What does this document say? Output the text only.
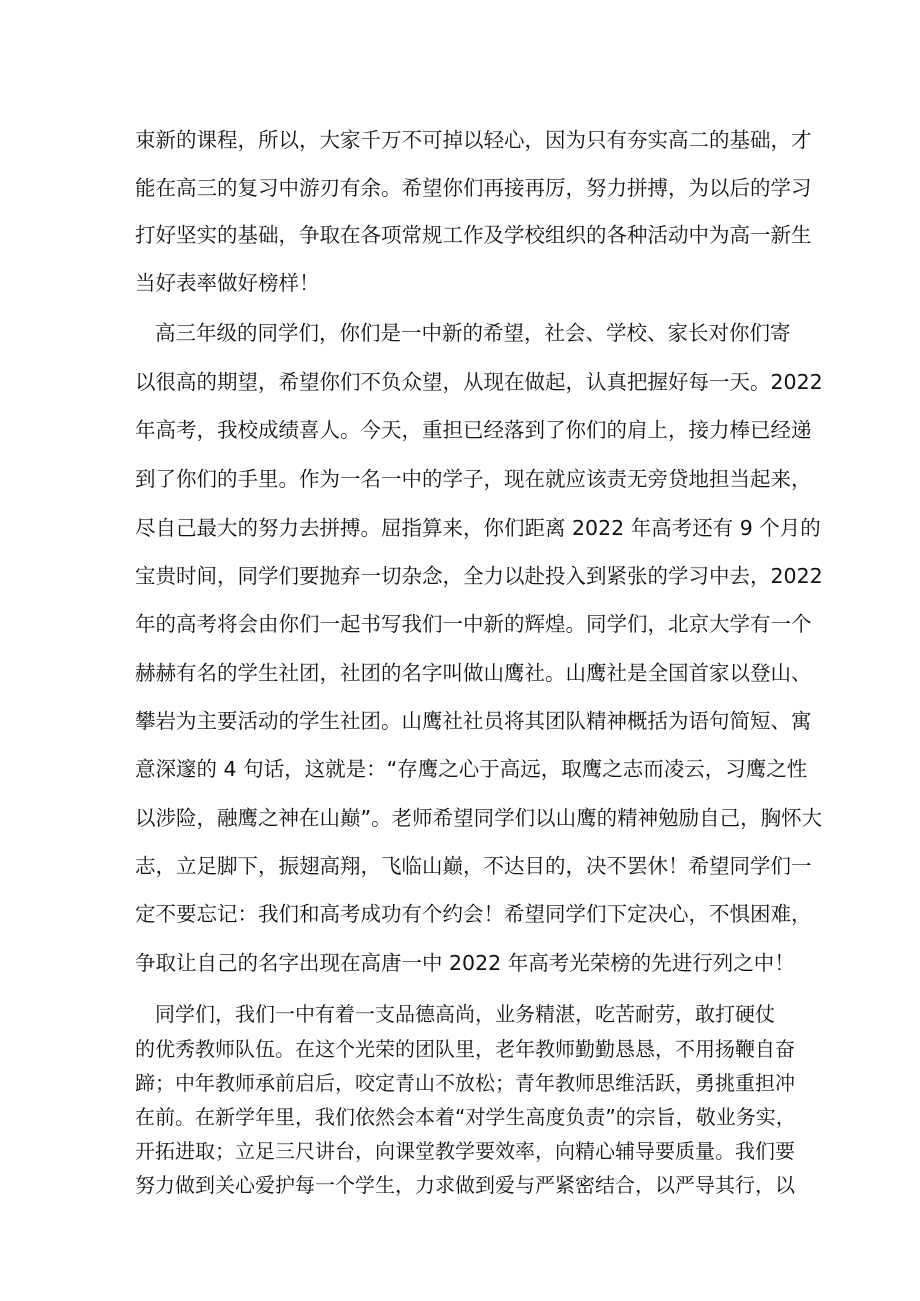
束新的课程，所以，大家千万不可掉以轻心，因为只有夯实高二的基础，才
能在高三的复习中游刃有余。希望你们再接再厉，努力拼搏，为以后的学习
打好坚实的基础，争取在各项常规工作及学校组织的各种活动中为高一新生
当好表率做好榜样！
高三年级的同学们，你们是一中新的希望，社会、学校、家长对你们寄
以很高的期望，希望你们不负众望，从现在做起，认真把握好每一天。2022
年高考，我校成绩喜人。今天，重担已经落到了你们的肩上，接力棒已经递
到了你们的手里。作为一名一中的学子，现在就应该责无旁贷地担当起来，
尽自己最大的努力去拼搏。屈指算来，你们距离 2022 年高考还有 9 个月的
宝贵时间，同学们要抛弃一切杂念，全力以赴投入到紧张的学习中去，2022
年的高考将会由你们一起书写我们一中新的辉煌。同学们，北京大学有一个
赫赫有名的学生社团，社团的名字叫做山鹰社。山鹰社是全国首家以登山、
攀岩为主要活动的学生社团。山鹰社社员将其团队精神概括为语句简短、寓
意深邃的 4 句话，这就是：“存鹰之心于高远，取鹰之志而凌云，习鹰之性
以涉险，融鹰之神在山巅”。老师希望同学们以山鹰的精神勉励自己，胸怀大
志，立足脚下，振翅高翔，飞临山巅，不达目的，决不罢休！希望同学们一
定不要忘记：我们和高考成功有个约会！希望同学们下定决心，不惧困难，
争取让自己的名字出现在高唐一中 2022 年高考光荣榜的先进行列之中！
同学们，我们一中有着一支品德高尚，业务精湛，吃苦耐劳，敢打硬仗
的优秀教师队伍。在这个光荣的团队里，老年教师勤勤恳恳，不用扬鞭自奋
蹄；中年教师承前启后，咬定青山不放松；青年教师思维活跃，勇挑重担冲
在前。在新学年里，我们依然会本着“对学生高度负责”的宗旨，敬业务实，
开拓进取；立足三尺讲台，向课堂教学要效率，向精心辅导要质量。我们要
努力做到关心爱护每一个学生，力求做到爱与严紧密结合，以严导其行，以
